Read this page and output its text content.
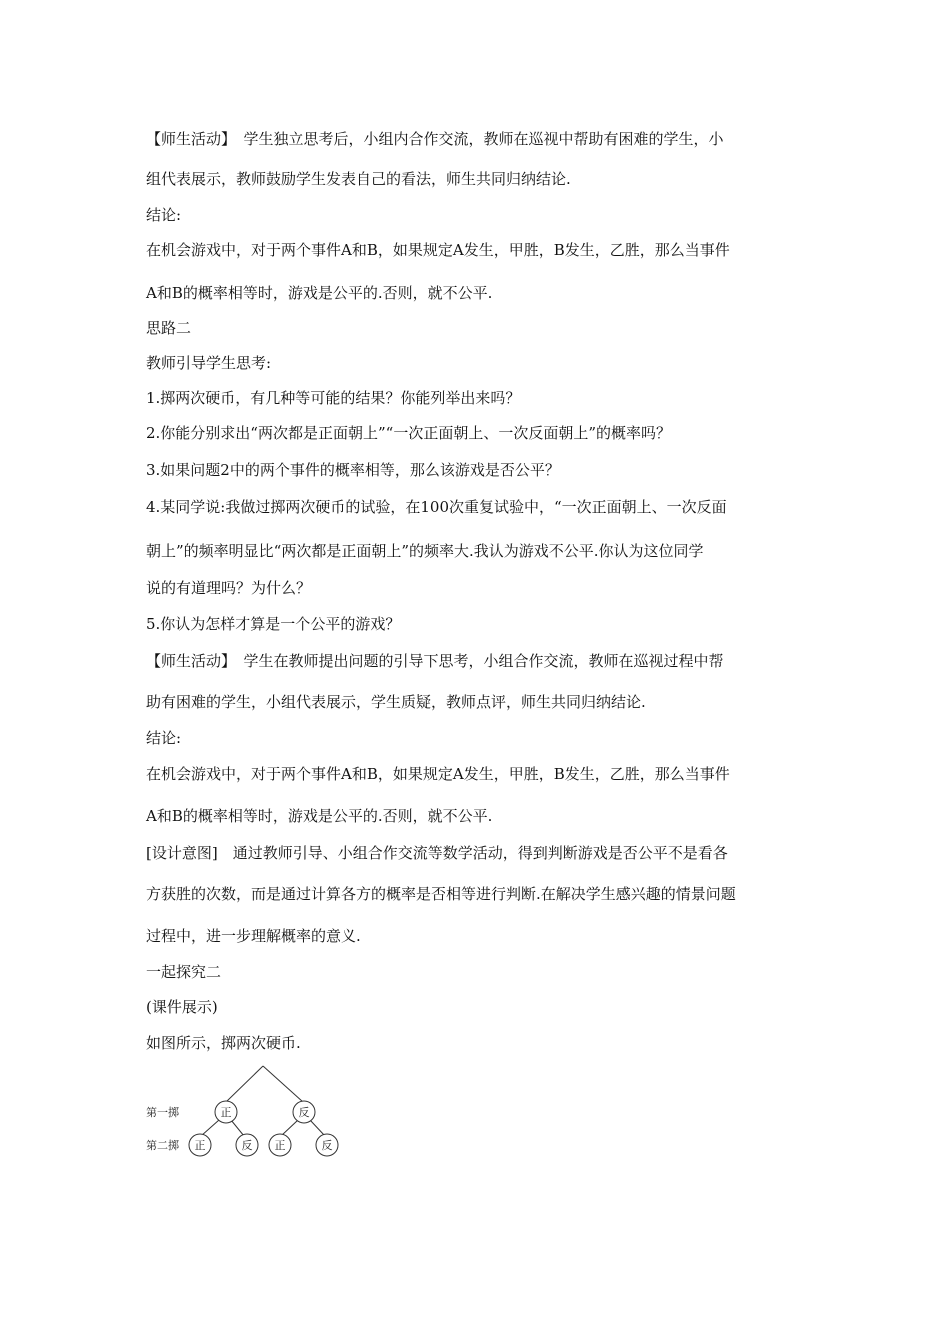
【师生活动】　学生独立思考后，小组内合作交流，教师在巡视中帮助有困难的学生，小
组代表展示，教师鼓励学生发表自己的看法，师生共同归纳结论.
结论:
在机会游戏中，对于两个事件A和B，如果规定A发生，甲胜，B发生，乙胜，那么当事件
A和B的概率相等时，游戏是公平的.否则，就不公平.
思路二
教师引导学生思考:
1.掷两次硬币，有几种等可能的结果？你能列举出来吗？
2.你能分别求出“两次都是正面朝上”“一次正面朝上、一次反面朝上”的概率吗？
3.如果问题2中的两个事件的概率相等，那么该游戏是否公平？
4.某同学说:我做过掷两次硬币的试验，在100次重复试验中，“一次正面朝上、一次反面
朝上”的频率明显比“两次都是正面朝上”的频率大.我认为游戏不公平.你认为这位同学
说的有道理吗？为什么？
5.你认为怎样才算是一个公平的游戏？
【师生活动】　学生在教师提出问题的引导下思考，小组合作交流，教师在巡视过程中帮
助有困难的学生，小组代表展示，学生质疑，教师点评，师生共同归纳结论.
结论:
在机会游戏中，对于两个事件A和B，如果规定A发生，甲胜，B发生，乙胜，那么当事件
A和B的概率相等时，游戏是公平的.否则，就不公平.
[设计意图]　通过教师引导、小组合作交流等数学活动，得到判断游戏是否公平不是看各
方获胜的次数，而是通过计算各方的概率是否相等进行判断.在解决学生感兴趣的情景问题
过程中，进一步理解概率的意义.
一起探究二
(课件展示)
如图所示，掷两次硬币.
第一掷
第二掷
正	反
正	反 正	反
